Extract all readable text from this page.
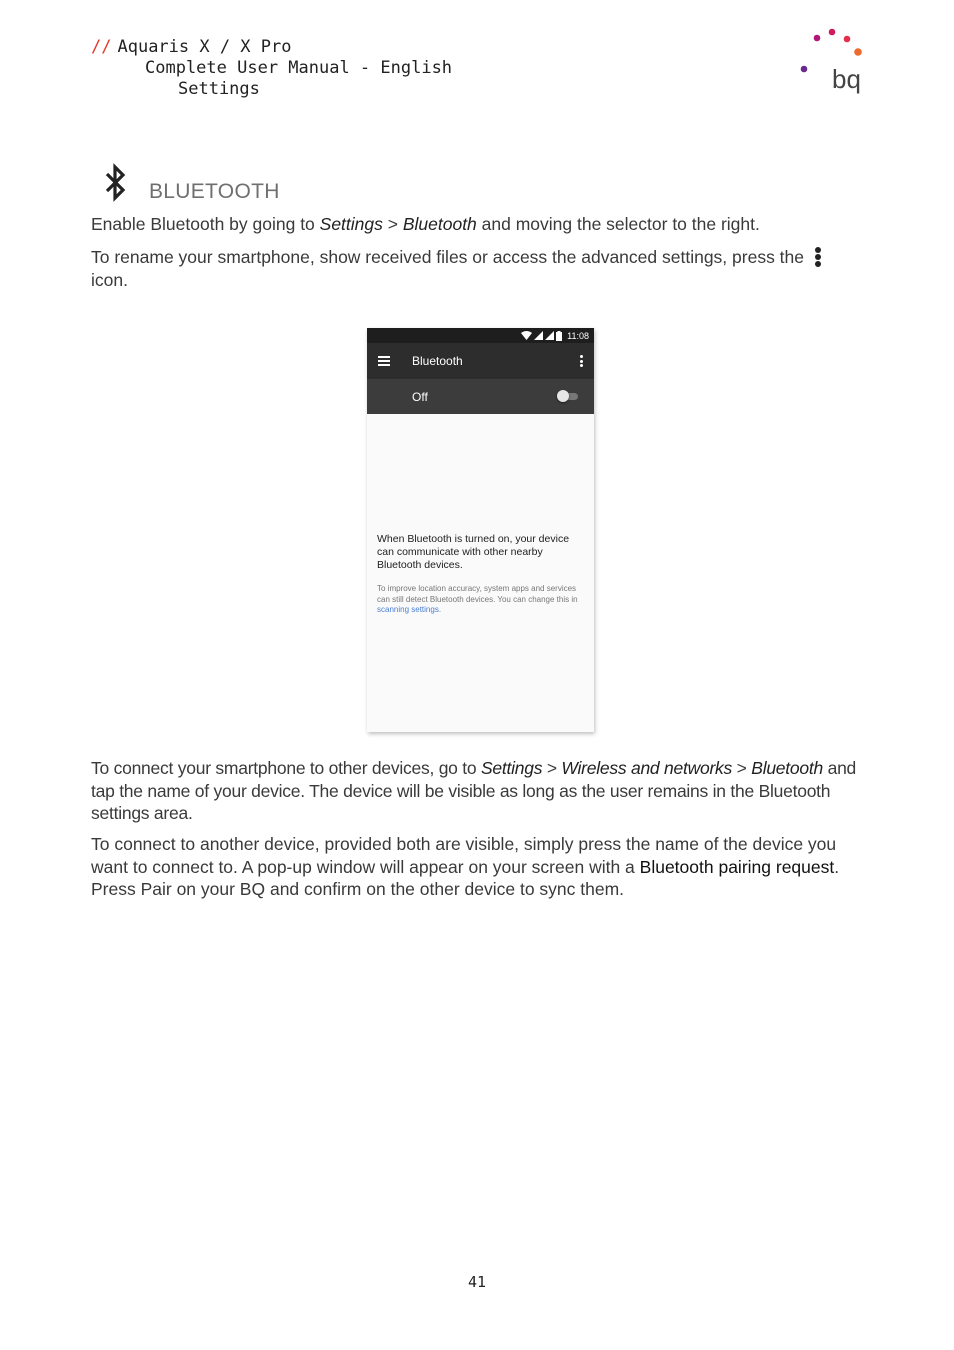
// Aquaris X / X Pro
Complete User Manual - English
Settings	bq
BLUETOOTH
Enable Bluetooth by going to Settings > Bluetooth and moving the selector to the right.
To rename your smartphone, show received files or access the advanced settings, press the
icon.
11:08
Bluetooth
Off
When Bluetooth is turned on, your device can communicate with other nearby Bluetooth devices.
To improve location accuracy, system apps and services can still detect Bluetooth devices. You can change this in scanning settings.
To connect your smartphone to other devices, go to Settings > Wireless and networks > Bluetooth and tap the name of your device. The device will be visible as long as the user remains in the Bluetooth settings area.
To connect to another device, provided both are visible, simply press the name of the device you want to connect to. A pop-up window will appear on your screen with a Bluetooth pairing request. Press Pair on your BQ and confirm on the other device to sync them.
41
